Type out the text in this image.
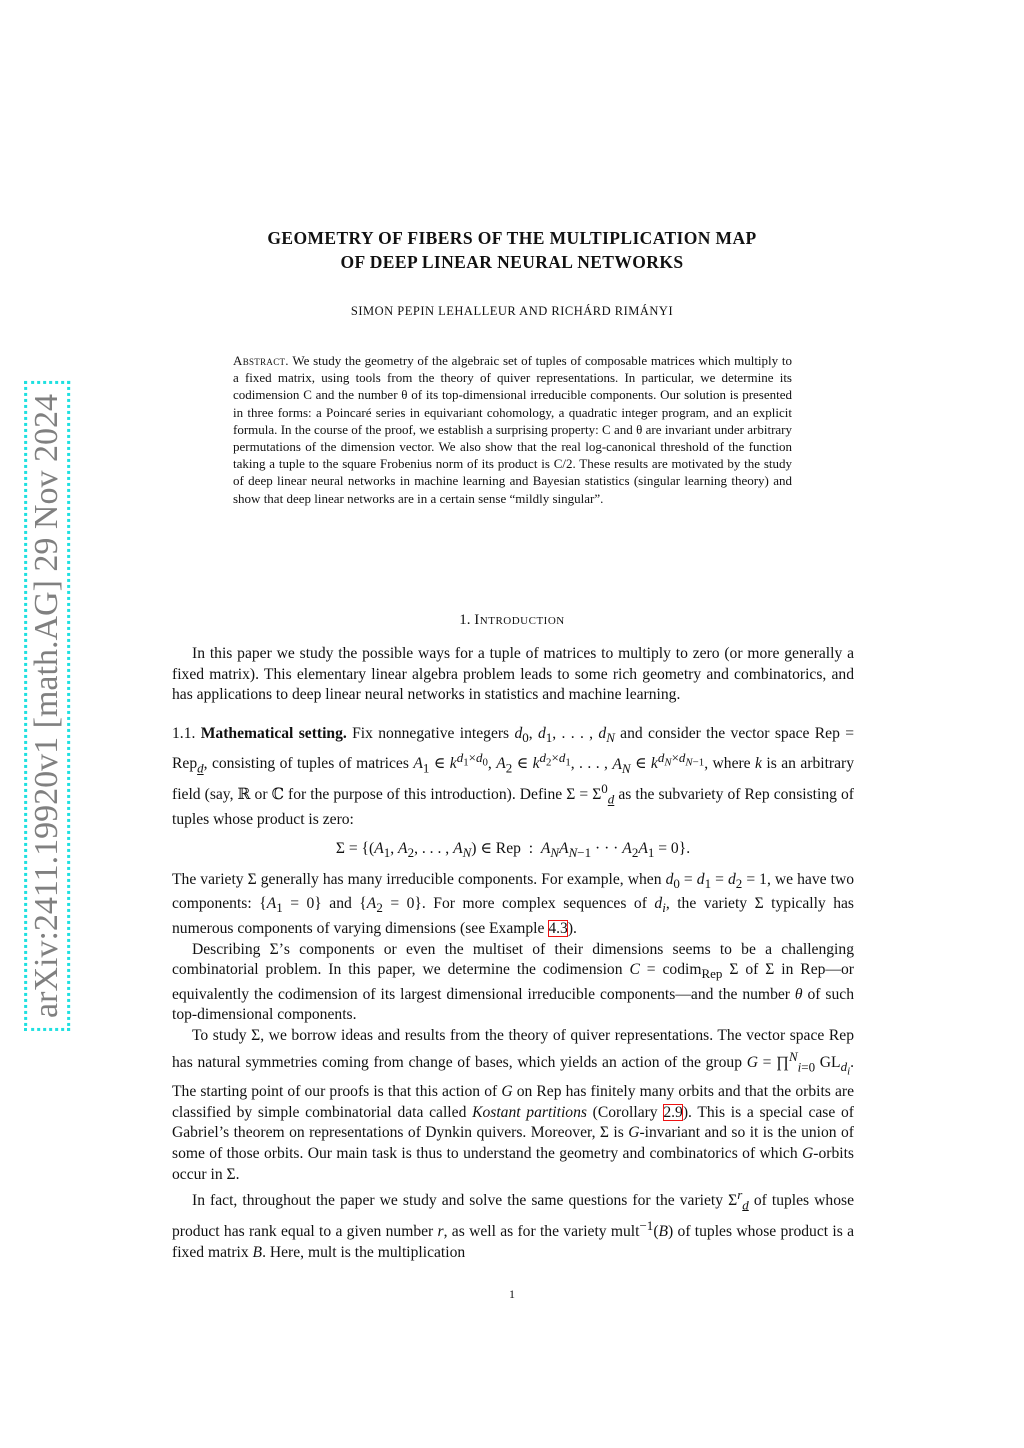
arXiv:2411.19920v1 [math.AG] 29 Nov 2024
GEOMETRY OF FIBERS OF THE MULTIPLICATION MAP
OF DEEP LINEAR NEURAL NETWORKS
SIMON PEPIN LEHALLEUR AND RICHÁRD RIMÁNYI
Abstract. We study the geometry of the algebraic set of tuples of composable matrices which multiply to a fixed matrix, using tools from the theory of quiver representations. In particular, we determine its codimension C and the number θ of its top-dimensional irreducible components. Our solution is presented in three forms: a Poincaré series in equivariant cohomology, a quadratic integer program, and an explicit formula. In the course of the proof, we establish a surprising property: C and θ are invariant under arbitrary permutations of the dimension vector. We also show that the real log-canonical threshold of the function taking a tuple to the square Frobenius norm of its product is C/2. These results are motivated by the study of deep linear neural networks in machine learning and Bayesian statistics (singular learning theory) and show that deep linear networks are in a certain sense “mildly singular”.
1. Introduction

In this paper we study the possible ways for a tuple of matrices to multiply to zero (or more generally a fixed matrix). This elementary linear algebra problem leads to some rich geometry and combinatorics, and has applications to deep linear neural networks in statistics and machine learning.

1.1. Mathematical setting. Fix nonnegative integers $d_0$, $d_1$, . . . , $d_N$ and consider the vector space Rep = Rep$_d$, consisting of tuples of matrices $A_1$ ∈ $k^{d_1\times d_0}$, $A_2$ ∈ $k^{d_2\times d_1}$, . . . , $A_N$ ∈ $k^{d_N\times d_{N-1}}$, where k is an arbitrary field (say, ℝ or ℂ for the purpose of this introduction). Define $\Sigma = \Sigma^0_d$ as the subvariety of Rep consisting of tuples whose product is zero:

$\Sigma = \{(A_1$, $A_2$, . . . , $A_N$) ∈ Rep  :  $A_NA_{N-1}$ · · · $A_2A_1 = 0$}.

The variety Σ generally has many irreducible components. For example, when $d_0 = d_1 = d_2 = 1$, we have two components: $\{A_1 = 0\}$ and $\{A_2 = 0\}$. For more complex sequences of $d_i$, the variety Σ typically has numerous components of varying dimensions (see Example 4.3).

Describing Σ’s components or even the multiset of their dimensions seems to be a challenging combinatorial problem. In this paper, we determine the codimension C = codim$_{Rep}$ Σ of Σ in Rep—or equivalently the codimension of its largest dimensional irreducible components—and the number θ of such top-dimensional components.

To study Σ, we borrow ideas and results from the theory of quiver representations. The vector space Rep has natural symmetries coming from change of bases, which yields an action of the group G = ∏$^N_{i=0}$ $GL_{d_i}$. The starting point of our proofs is that this action of G on Rep has finitely many orbits and that the orbits are classified by simple combinatorial data called Kostant partitions (Corollary 2.9). This is a special case of Gabriel’s theorem on representations of Dynkin quivers. Moreover, Σ is G-invariant and so it is the union of some of those orbits. Our main task is thus to understand the geometry and combinatorics of which G-orbits occur in Σ.

In fact, throughout the paper we study and solve the same questions for the variety $\Sigma^r_d$ of tuples whose product has rank equal to a given number r, as well as for the variety mult$^{-1}$(B) of tuples whose product is a fixed matrix B. Here, mult is the multiplication

1
